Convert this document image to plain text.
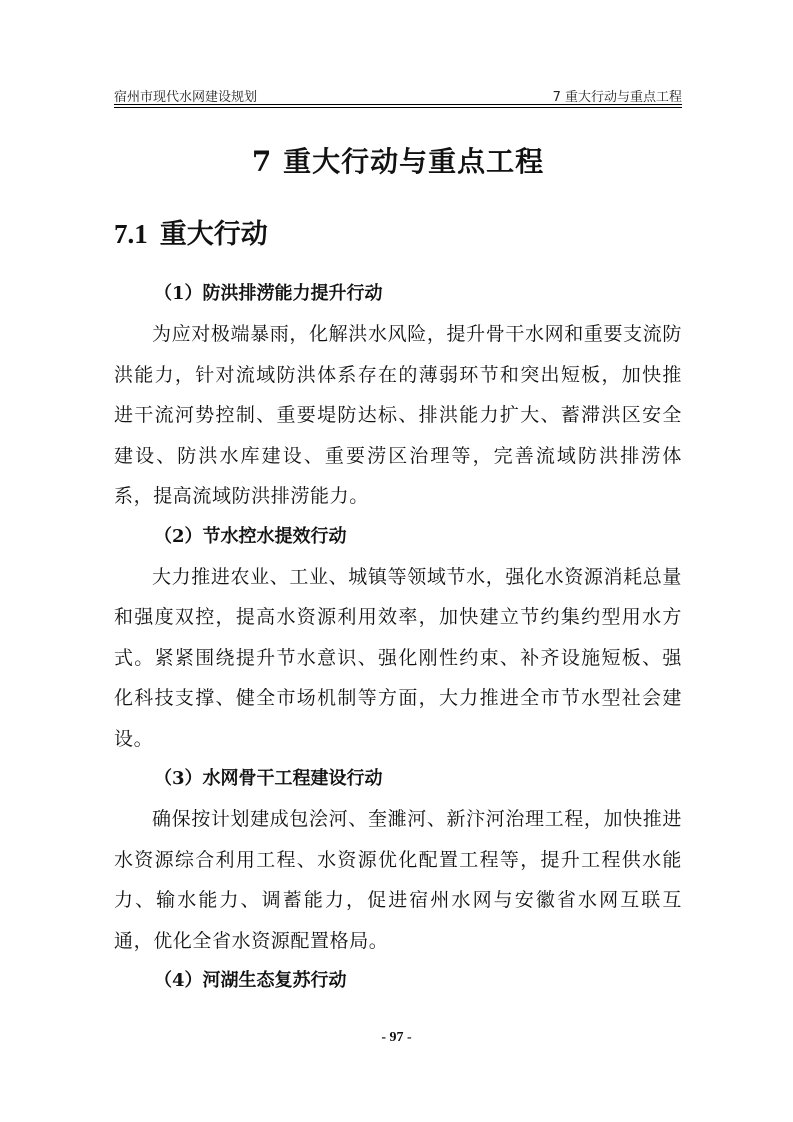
宿州市现代水网建设规划	7 重大行动与重点工程
7 重大行动与重点工程
7.1 重大行动
（1）防洪排涝能力提升行动

为应对极端暴雨，化解洪水风险，提升骨干水网和重要支流防洪能力，针对流域防洪体系存在的薄弱环节和突出短板，加快推进干流河势控制、重要堤防达标、排洪能力扩大、蓄滞洪区安全建设、防洪水库建设、重要涝区治理等，完善流域防洪排涝体系，提高流域防洪排涝能力。

（2）节水控水提效行动

大力推进农业、工业、城镇等领域节水，强化水资源消耗总量和强度双控，提高水资源利用效率，加快建立节约集约型用水方式。紧紧围绕提升节水意识、强化刚性约束、补齐设施短板、强化科技支撑、健全市场机制等方面，大力推进全市节水型社会建设。

（3）水网骨干工程建设行动

确保按计划建成包浍河、奎濉河、新汴河治理工程，加快推进水资源综合利用工程、水资源优化配置工程等，提升工程供水能力、输水能力、调蓄能力，促进宿州水网与安徽省水网互联互通，优化全省水资源配置格局。

（4）河湖生态复苏行动
- 97 -
